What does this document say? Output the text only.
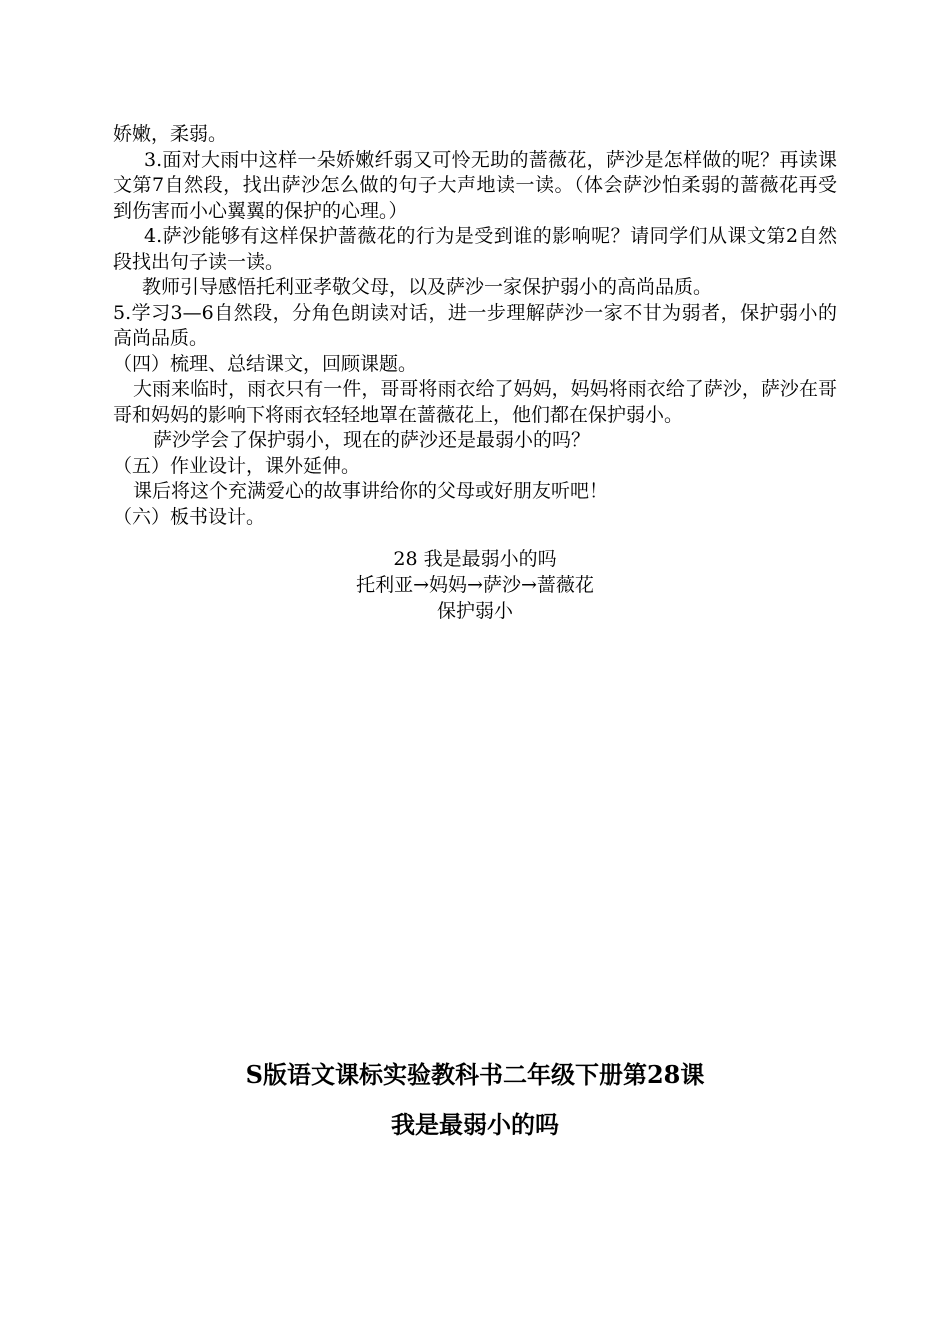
娇嫩，柔弱。

3.面对大雨中这样一朵娇嫩纤弱又可怜无助的蔷薇花，萨沙是怎样做的呢？再读课文第7自然段，找出萨沙怎么做的句子大声地读一读。（体会萨沙怕柔弱的蔷薇花再受到伤害而小心翼翼的保护的心理。）

4.萨沙能够有这样保护蔷薇花的行为是受到谁的影响呢？请同学们从课文第2自然段找出句子读一读。

教师引导感悟托利亚孝敬父母，以及萨沙一家保护弱小的高尚品质。

5.学习3—6自然段，分角色朗读对话，进一步理解萨沙一家不甘为弱者，保护弱小的高尚品质。

（四）梳理、总结课文，回顾课题。

大雨来临时，雨衣只有一件，哥哥将雨衣给了妈妈，妈妈将雨衣给了萨沙，萨沙在哥哥和妈妈的影响下将雨衣轻轻地罩在蔷薇花上，他们都在保护弱小。

萨沙学会了保护弱小，现在的萨沙还是最弱小的吗？

（五）作业设计，课外延伸。

课后将这个充满爱心的故事讲给你的父母或好朋友听吧！

（六）板书设计。

28 我是最弱小的吗
托利亚→妈妈→萨沙→蔷薇花
保护弱小
S版语文课标实验教科书二年级下册第28课
我是最弱小的吗
